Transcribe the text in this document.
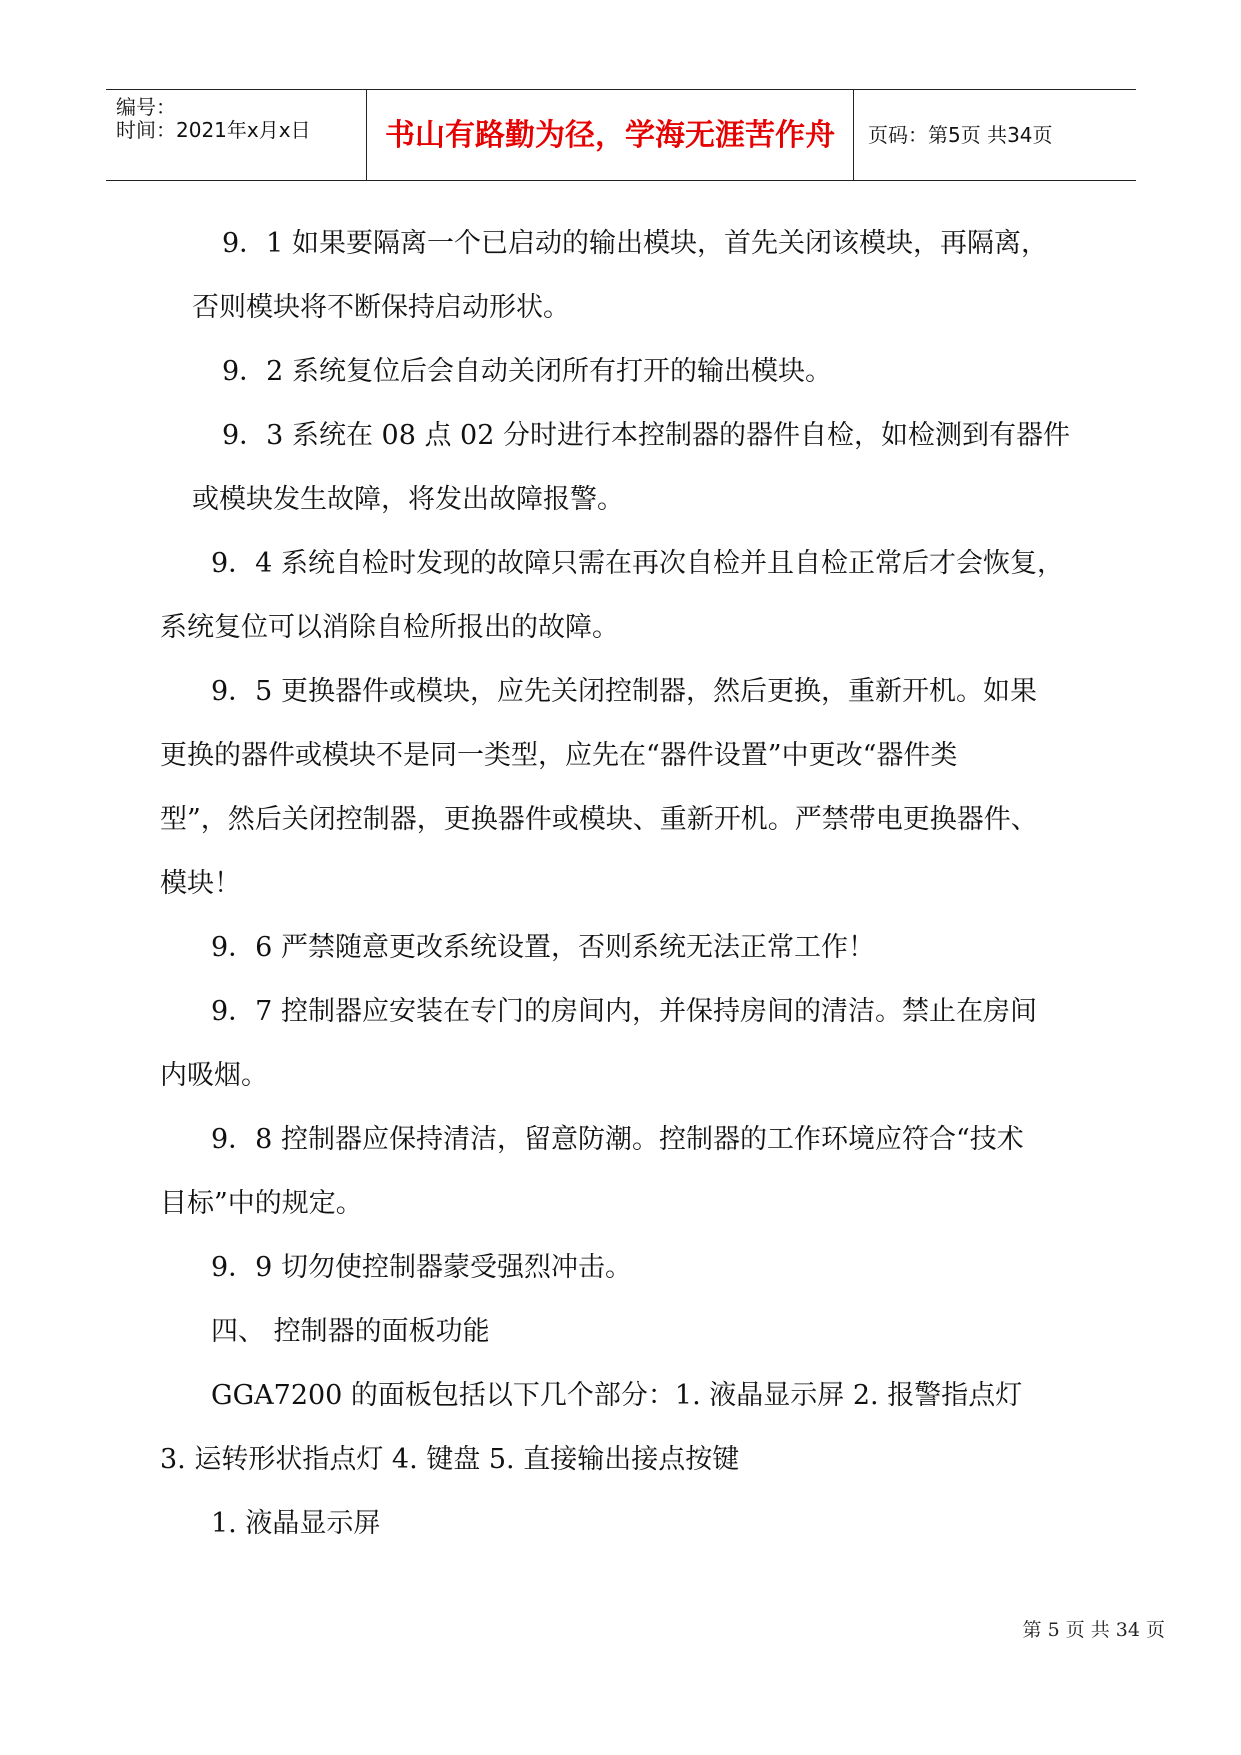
编号：
时间：2021年x月x日	书山有路勤为径，学海无涯苦作舟	页码：第5页 共34页
9．1 如果要隔离一个已启动的输出模块，首先关闭该模块，再隔离，
否则模块将不断保持启动形状。
9．2 系统复位后会自动关闭所有打开的输出模块。
9．3 系统在 08 点 02 分时进行本控制器的器件自检，如检测到有器件
或模块发生故障，将发出故障报警。
9．4 系统自检时发现的故障只需在再次自检并且自检正常后才会恢复，
系统复位可以消除自检所报出的故障。
9．5 更换器件或模块，应先关闭控制器，然后更换，重新开机。如果
更换的器件或模块不是同一类型，应先在“器件设置”中更改“器件类
型”，然后关闭控制器，更换器件或模块、重新开机。严禁带电更换器件、
模块！
9．6 严禁随意更改系统设置，否则系统无法正常工作！
9．7 控制器应安装在专门的房间内，并保持房间的清洁。禁止在房间
内吸烟。
9．8 控制器应保持清洁，留意防潮。控制器的工作环境应符合“技术
目标”中的规定。
9．9 切勿使控制器蒙受强烈冲击。
四、 控制器的面板功能
GGA7200 的面板包括以下几个部分：1. 液晶显示屏 2. 报警指点灯
3. 运转形状指点灯 4. 键盘 5. 直接输出接点按键
1. 液晶显示屏
第 5 页 共 34 页
